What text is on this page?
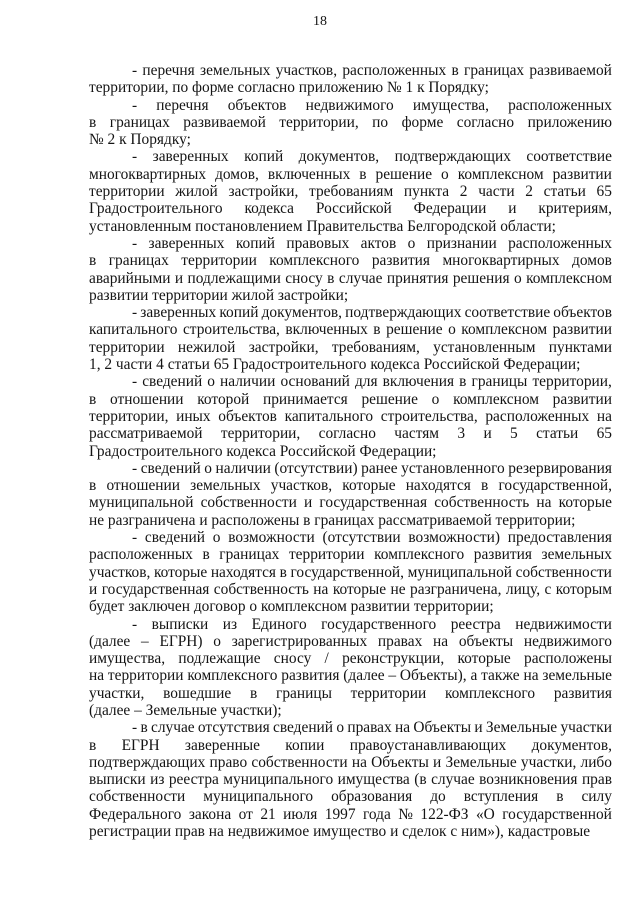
18
- перечня земельных участков, расположенных в границах развиваемой
территории, по форме согласно приложению № 1 к Порядку;
- перечня объектов недвижимого имущества, расположенных
в границах развиваемой территории, по форме согласно приложению
№ 2 к Порядку;
- заверенных копий документов, подтверждающих соответствие
многоквартирных домов, включенных в решение о комплексном развитии
территории жилой застройки, требованиям пункта 2 части 2 статьи 65
Градостроительного кодекса Российской Федерации и критериям,
установленным постановлением Правительства Белгородской области;
- заверенных копий правовых актов о признании расположенных
в границах территории комплексного развития многоквартирных домов
аварийными и подлежащими сносу в случае принятия решения о комплексном
развитии территории жилой застройки;
- заверенных копий документов, подтверждающих соответствие объектов
капитального строительства, включенных в решение о комплексном развитии
территории нежилой застройки, требованиям, установленным пунктами
1, 2 части 4 статьи 65 Градостроительного кодекса Российской Федерации;
- сведений о наличии оснований для включения в границы территории,
в отношении которой принимается решение о комплексном развитии
территории, иных объектов капитального строительства, расположенных на
рассматриваемой территории, согласно частям 3 и 5 статьи 65
Градостроительного кодекса Российской Федерации;
- сведений о наличии (отсутствии) ранее установленного резервирования
в отношении земельных участков, которые находятся в государственной,
муниципальной собственности и государственная собственность на которые
не разграничена и расположены в границах рассматриваемой территории;
- сведений о возможности (отсутствии возможности) предоставления
расположенных в границах территории комплексного развития земельных
участков, которые находятся в государственной, муниципальной собственности
и государственная собственность на которые не разграничена, лицу, с которым
будет заключен договор о комплексном развитии территории;
- выписки из Единого государственного реестра недвижимости
(далее – ЕГРН) о зарегистрированных правах на объекты недвижимого
имущества, подлежащие сносу / реконструкции, которые расположены
на территории комплексного развития (далее – Объекты), а также на земельные
участки, вошедшие в границы территории комплексного развития
(далее – Земельные участки);
- в случае отсутствия сведений о правах на Объекты и Земельные участки
в ЕГРН заверенные копии правоустанавливающих документов,
подтверждающих право собственности на Объекты и Земельные участки, либо
выписки из реестра муниципального имущества (в случае возникновения прав
собственности муниципального образования до вступления в силу
Федерального закона от 21 июля 1997 года № 122-ФЗ «О государственной
регистрации прав на недвижимое имущество и сделок с ним»), кадастровые
